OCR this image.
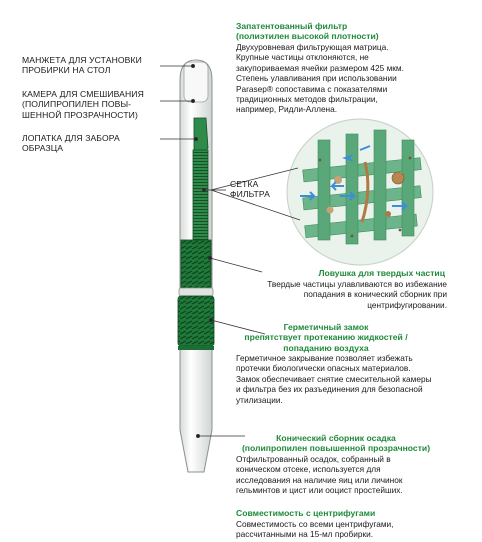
МАНЖЕТА ДЛЯ УСТАНОВКИ
ПРОБИРКИ НА СТОЛ
КАМЕРА ДЛЯ СМЕШИВАНИЯ
(ПОЛИПРОПИЛЕН ПОВЫ-
ШЕННОЙ ПРОЗРАЧНОСТИ)
ЛОПАТКА ДЛЯ ЗАБОРА
ОБРАЗЦА
СЕТКА
ФИЛЬТРА
Запатентованный фильтр
(полиэтилен высокой плотности)
Двухуровневая фильтрующая матрица.
Крупные частицы отклоняются, не
закупориваемая ячейки размером 425 мкм.
Степень улавливания при использовании
Parasep® сопоставима с показателями
традиционных методов фильтрации,
например, Ридли-Аллена.
Ловушка для твердых частиц
Твердые частицы улавливаются во избежание
попадания в конический сборник при
центрифугировании.
Герметичный замок
препятствует протеканию жидкостей /
попаданию воздуха
Герметичное закрывание позволяет избежать
протечки биологически опасных материалов.
Замок обеспечивает снятие смесительной камеры
и фильтра без их разъединения для безопасной
утилизации.
Конический сборник осадка
(полипропилен повышенной прозрачности)
Отфильтрованный осадок, собранный в
коническом отсеке, используется для
исследования на наличие яиц или личинок
гельминтов и цист или ооцист простейших.
Совместимость с центрифугами
Совместимость со всеми центрифугами,
рассчитанными на 15-мл пробирки.
